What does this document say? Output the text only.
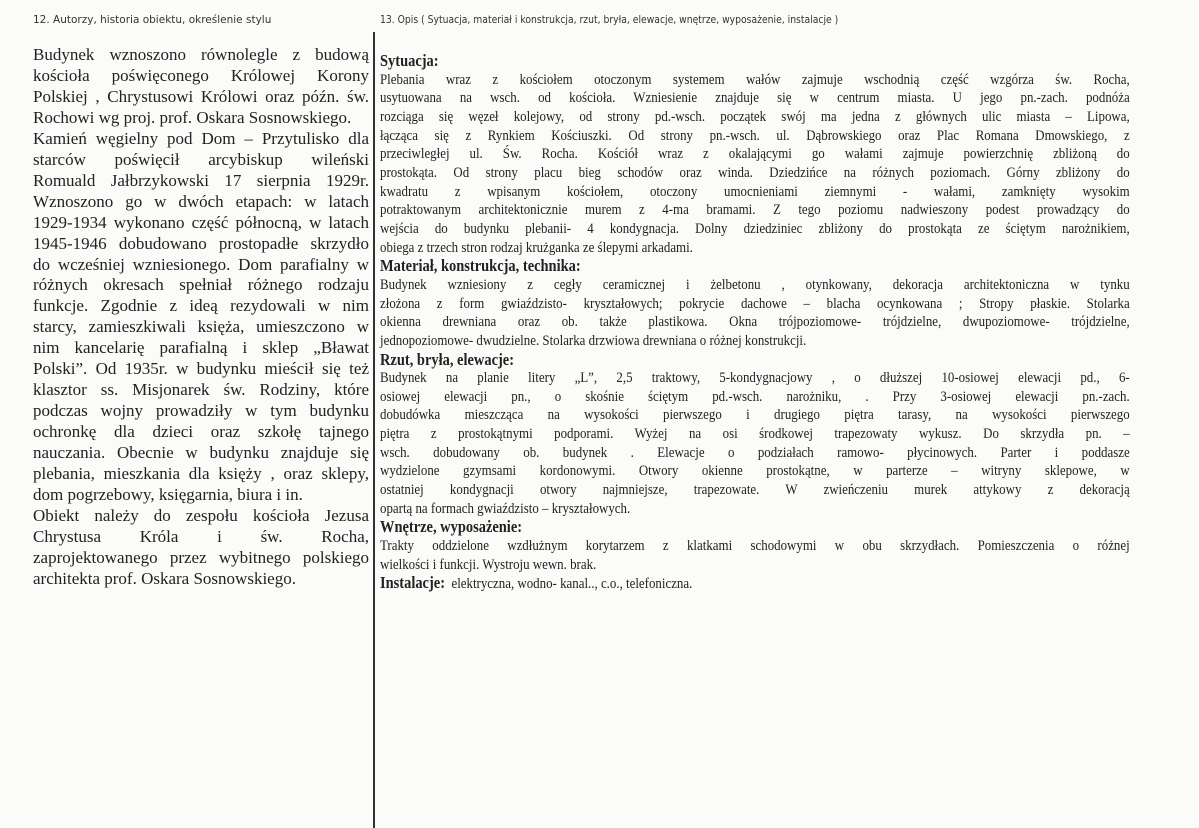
12. Autorzy, historia obiektu, określenie stylu	13. Opis ( Sytuacja, materiał i konstrukcja, rzut, bryła, elewacje, wnętrze, wyposażenie, instalacje )
Budynek wznoszono równolegle z budową
kościoła poświęconego Królowej Korony
Polskiej , Chrystusowi Królowi oraz późn. św.
Rochowi wg proj. prof. Oskara Sosnowskiego.
Kamień węgielny pod Dom – Przytulisko dla
starców poświęcił arcybiskup wileński
Romuald Jałbrzykowski 17 sierpnia 1929r.
Wznoszono go w dwóch etapach: w latach
1929-1934 wykonano część północną, w latach
1945-1946 dobudowano prostopadłe skrzydło
do wcześniej wzniesionego. Dom parafialny w
różnych okresach spełniał różnego rodzaju
funkcje. Zgodnie z ideą rezydowali w nim
starcy, zamieszkiwali księża, umieszczono w
nim kancelarię parafialną i sklep „Bławat
Polski”. Od 1935r. w budynku mieścił się też
klasztor ss. Misjonarek św. Rodziny, które
podczas wojny prowadziły w tym budynku
ochronkę dla dzieci oraz szkołę tajnego
nauczania. Obecnie w budynku znajduje się
plebania, mieszkania dla księży , oraz sklepy,
dom pogrzebowy, księgarnia, biura i in.
Obiekt należy do zespołu kościoła Jezusa
Chrystusa Króla i św. Rocha,
zaprojektowanego przez wybitnego polskiego
architekta prof. Oskara Sosnowskiego.
Sytuacja:
Plebania wraz z kościołem otoczonym systemem wałów zajmuje wschodnią część wzgórza św. Rocha,
usytuowana na wsch. od kościoła. Wzniesienie znajduje się w centrum miasta. U jego pn.-zach. podnóża
rozciąga się węzeł kolejowy, od strony pd.-wsch. początek swój ma jedna z głównych ulic miasta – Lipowa,
łącząca się z Rynkiem Kościuszki. Od strony pn.-wsch. ul. Dąbrowskiego oraz Plac Romana Dmowskiego, z
przeciwległej ul. Św. Rocha. Kościół wraz z okalającymi go wałami zajmuje powierzchnię zbliżoną do
prostokąta. Od strony placu bieg schodów oraz winda. Dziedzińce na różnych poziomach. Górny zbliżony do
kwadratu z wpisanym kościołem, otoczony umocnieniami ziemnymi - wałami, zamknięty wysokim
potraktowanym architektonicznie murem z 4-ma bramami. Z tego poziomu nadwieszony podest prowadzący do
wejścia do budynku plebanii- 4 kondygnacja. Dolny dziedziniec zbliżony do prostokąta ze ściętym narożnikiem,
obiega z trzech stron rodzaj krużganka ze ślepymi arkadami.
Materiał, konstrukcja, technika:
Budynek wzniesiony z cegły ceramicznej i żelbetonu , otynkowany, dekoracja architektoniczna w tynku
złożona z form gwiaździsto- kryształowych; pokrycie dachowe – blacha ocynkowana ; Stropy płaskie. Stolarka
okienna drewniana oraz ob. także plastikowa. Okna trójpoziomowe- trójdzielne, dwupoziomowe- trójdzielne,
jednopoziomowe- dwudzielne. Stolarka drzwiowa drewniana o różnej konstrukcji.
Rzut, bryła, elewacje:
Budynek na planie litery „L”, 2,5 traktowy, 5-kondygnacjowy , o dłuższej 10-osiowej elewacji pd., 6-
osiowej elewacji pn., o skośnie ściętym pd.-wsch. narożniku, . Przy 3-osiowej elewacji pn.-zach.
dobudówka mieszcząca na wysokości pierwszego i drugiego piętra tarasy, na wysokości pierwszego
piętra z prostokątnymi podporami. Wyżej na osi środkowej trapezowaty wykusz. Do skrzydła pn. –
wsch. dobudowany ob. budynek . Elewacje o podziałach ramowo- płycinowych. Parter i poddasze
wydzielone gzymsami kordonowymi. Otwory okienne prostokątne, w parterze – witryny sklepowe, w
ostatniej kondygnacji otwory najmniejsze, trapezowate. W zwieńczeniu murek attykowy z dekoracją
opartą na formach gwiaździsto – kryształowych.
Wnętrze, wyposażenie:
Trakty oddzielone wzdłużnym korytarzem z klatkami schodowymi w obu skrzydłach. Pomieszczenia o różnej
wielkości i funkcji. Wystroju wewn. brak.
Instalacje: elektryczna, wodno- kanal.., c.o., telefoniczna.
